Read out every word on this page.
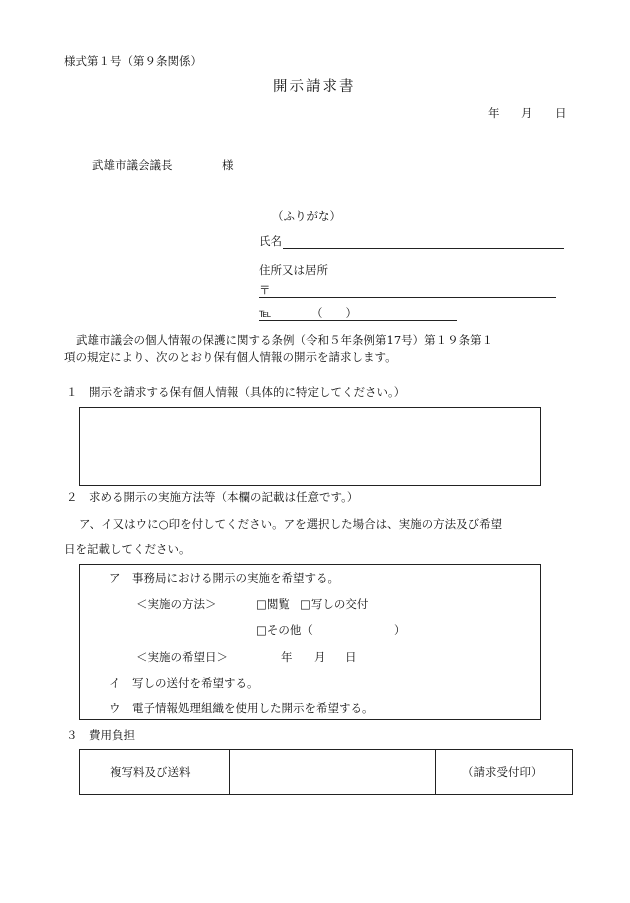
様式第１号（第９条関係）
開示請求書
年 月 日
武雄市議会議長	様
（ふりがな）
氏名
住所又は居所
〒
℡	（　　）
武雄市議会の個人情報の保護に関する条例（令和５年条例第17号）第１９条第１
項の規定により、次のとおり保有個人情報の開示を請求します。
１　開示を請求する保有個人情報（具体的に特定してください。）
２　求める開示の実施方法等（本欄の記載は任意です。）
ア、イ又はウに○印を付してください。アを選択した場合は、実施の方法及び希望
日を記載してください。
ア　事務局における開示の実施を希望する。
＜実施の方法＞	□閲覧 □写しの交付
□その他（	）
＜実施の希望日＞	年 月 日
イ　写しの送付を希望する。
ウ　電子情報処理組織を使用した開示を希望する。
３　費用負担
複写料及び送料	（請求受付印）
